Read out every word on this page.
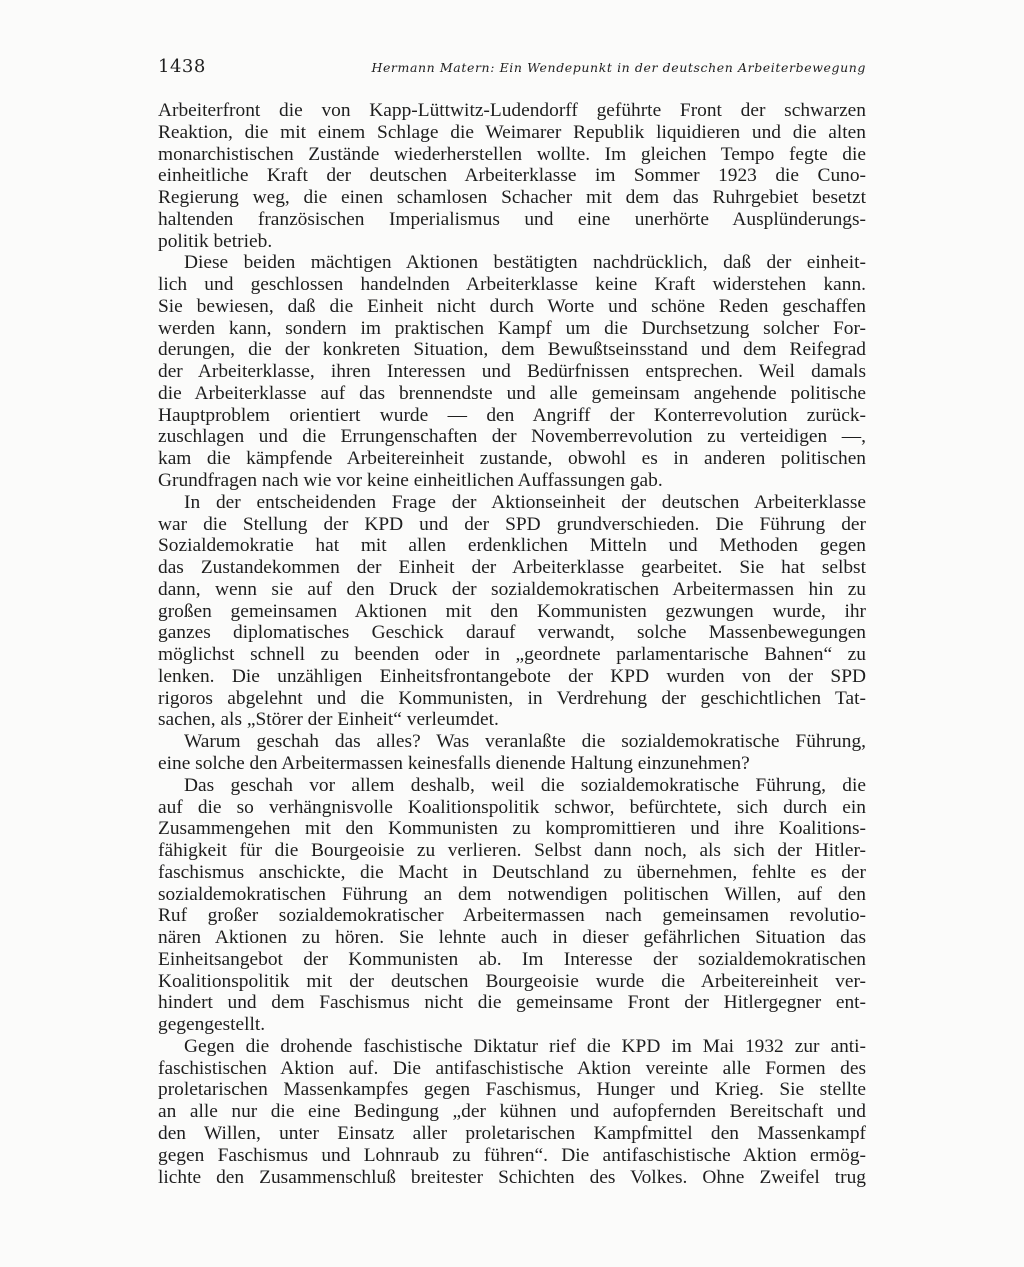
1438	Hermann Matern: Ein Wendepunkt in der deutschen Arbeiterbewegung
Arbeiterfront die von Kapp-Lüttwitz-Ludendorff geführte Front der schwarzen
Reaktion, die mit einem Schlage die Weimarer Republik liquidieren und die alten
monarchistischen Zustände wiederherstellen wollte. Im gleichen Tempo fegte die
einheitliche Kraft der deutschen Arbeiterklasse im Sommer 1923 die Cuno-
Regierung weg, die einen schamlosen Schacher mit dem das Ruhrgebiet besetzt
haltenden französischen Imperialismus und eine unerhörte Ausplünderungs-
politik betrieb.
Diese beiden mächtigen Aktionen bestätigten nachdrücklich, daß der einheit-
lich und geschlossen handelnden Arbeiterklasse keine Kraft widerstehen kann.
Sie bewiesen, daß die Einheit nicht durch Worte und schöne Reden geschaffen
werden kann, sondern im praktischen Kampf um die Durchsetzung solcher For-
derungen, die der konkreten Situation, dem Bewußtseinsstand und dem Reifegrad
der Arbeiterklasse, ihren Interessen und Bedürfnissen entsprechen. Weil damals
die Arbeiterklasse auf das brennendste und alle gemeinsam angehende politische
Hauptproblem orientiert wurde — den Angriff der Konterrevolution zurück-
zuschlagen und die Errungenschaften der Novemberrevolution zu verteidigen —,
kam die kämpfende Arbeitereinheit zustande, obwohl es in anderen politischen
Grundfragen nach wie vor keine einheitlichen Auffassungen gab.
In der entscheidenden Frage der Aktionseinheit der deutschen Arbeiterklasse
war die Stellung der KPD und der SPD grundverschieden. Die Führung der
Sozialdemokratie hat mit allen erdenklichen Mitteln und Methoden gegen
das Zustandekommen der Einheit der Arbeiterklasse gearbeitet. Sie hat selbst
dann, wenn sie auf den Druck der sozialdemokratischen Arbeitermassen hin zu
großen gemeinsamen Aktionen mit den Kommunisten gezwungen wurde, ihr
ganzes diplomatisches Geschick darauf verwandt, solche Massenbewegungen
möglichst schnell zu beenden oder in „geordnete parlamentarische Bahnen“ zu
lenken. Die unzähligen Einheitsfrontangebote der KPD wurden von der SPD
rigoros abgelehnt und die Kommunisten, in Verdrehung der geschichtlichen Tat-
sachen, als „Störer der Einheit“ verleumdet.
Warum geschah das alles? Was veranlaßte die sozialdemokratische Führung,
eine solche den Arbeitermassen keinesfalls dienende Haltung einzunehmen?
Das geschah vor allem deshalb, weil die sozialdemokratische Führung, die
auf die so verhängnisvolle Koalitionspolitik schwor, befürchtete, sich durch ein
Zusammengehen mit den Kommunisten zu kompromittieren und ihre Koalitions-
fähigkeit für die Bourgeoisie zu verlieren. Selbst dann noch, als sich der Hitler-
faschismus anschickte, die Macht in Deutschland zu übernehmen, fehlte es der
sozialdemokratischen Führung an dem notwendigen politischen Willen, auf den
Ruf großer sozialdemokratischer Arbeitermassen nach gemeinsamen revolutio-
nären Aktionen zu hören. Sie lehnte auch in dieser gefährlichen Situation das
Einheitsangebot der Kommunisten ab. Im Interesse der sozialdemokratischen
Koalitionspolitik mit der deutschen Bourgeoisie wurde die Arbeitereinheit ver-
hindert und dem Faschismus nicht die gemeinsame Front der Hitlergegner ent-
gegengestellt.
Gegen die drohende faschistische Diktatur rief die KPD im Mai 1932 zur anti-
faschistischen Aktion auf. Die antifaschistische Aktion vereinte alle Formen des
proletarischen Massenkampfes gegen Faschismus, Hunger und Krieg. Sie stellte
an alle nur die eine Bedingung „der kühnen und aufopfernden Bereitschaft und
den Willen, unter Einsatz aller proletarischen Kampfmittel den Massenkampf
gegen Faschismus und Lohnraub zu führen“. Die antifaschistische Aktion ermög-
lichte den Zusammenschluß breitester Schichten des Volkes. Ohne Zweifel trug
